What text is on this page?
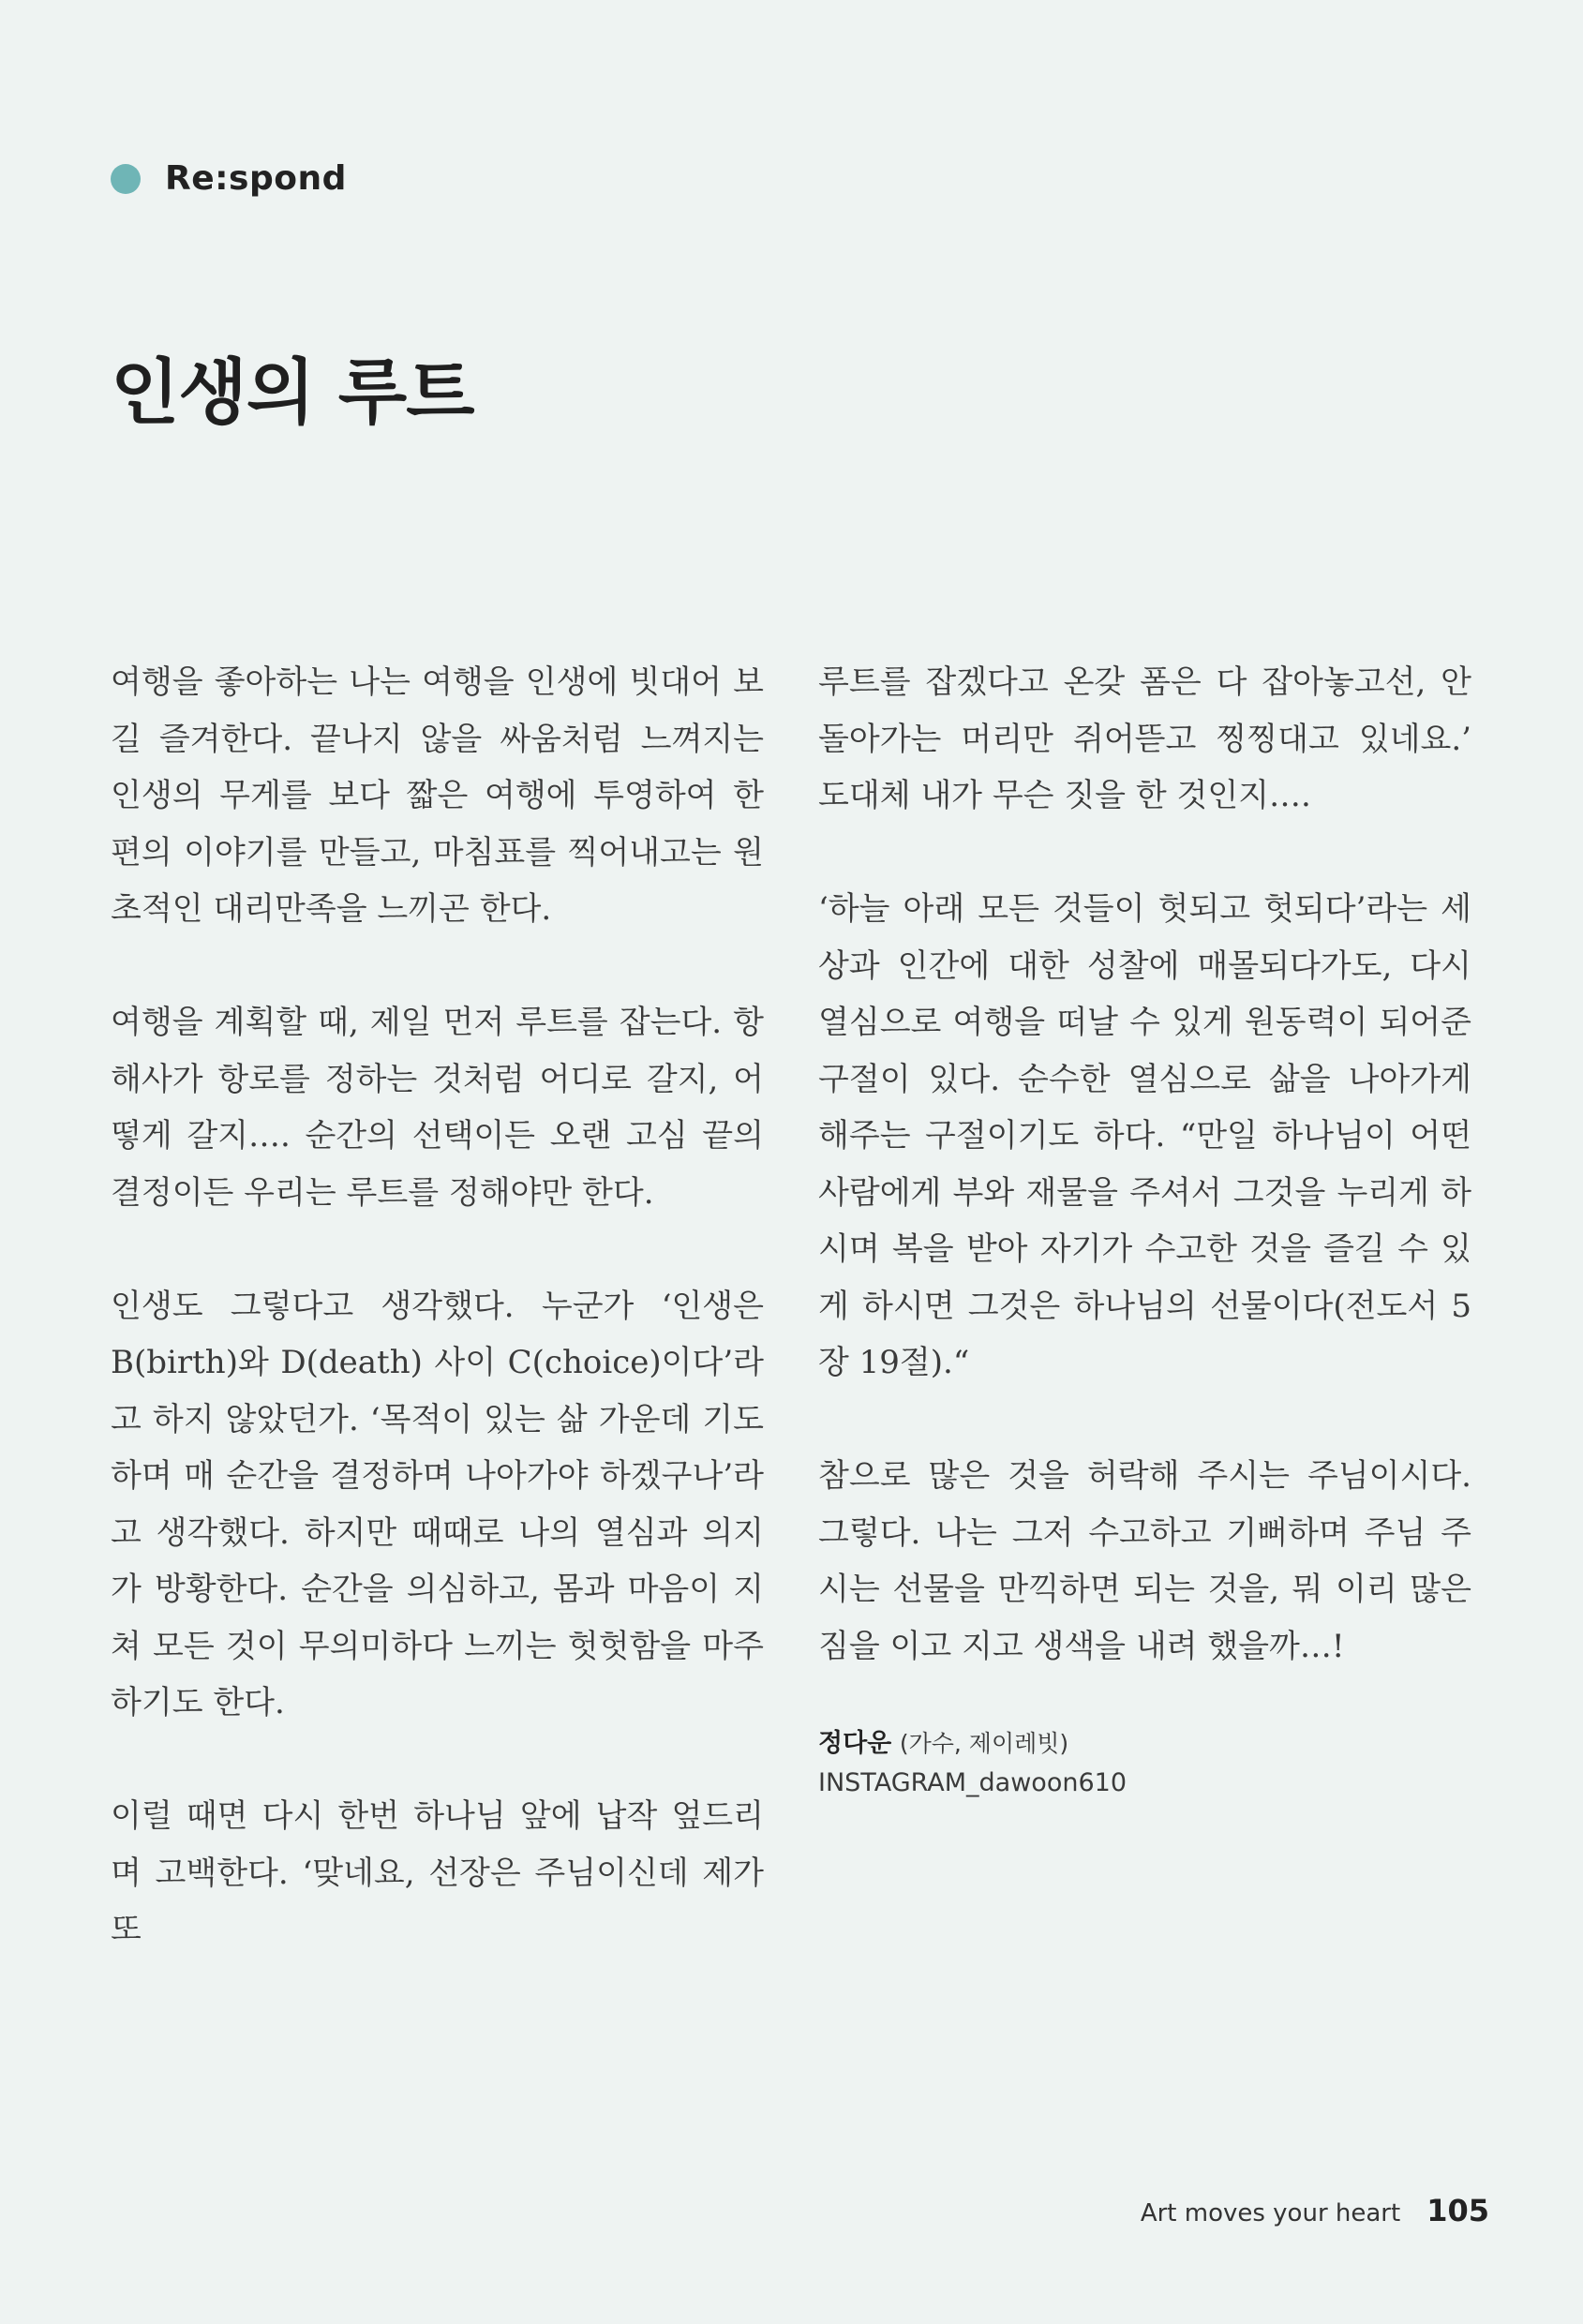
Re:spond
인생의 루트

여행을 좋아하는 나는 여행을 인생에 빗대어 보길 즐겨한다. 끝나지 않을 싸움처럼 느껴지는 인생의 무게를 보다 짧은 여행에 투영하여 한 편의 이야기를 만들고, 마침표를 찍어내고는 원초적인 대리만족을 느끼곤 한다.

여행을 계획할 때, 제일 먼저 루트를 잡는다. 항해사가 항로를 정하는 것처럼 어디로 갈지, 어떻게 갈지…. 순간의 선택이든 오랜 고심 끝의 결정이든 우리는 루트를 정해야만 한다.

인생도 그렇다고 생각했다. 누군가 ‘인생은 B(birth)와 D(death) 사이 C(choice)이다’라고 하지 않았던가. ‘목적이 있는 삶 가운데 기도하며 매 순간을 결정하며 나아가야 하겠구나’라고 생각했다. 하지만 때때로 나의 열심과 의지가 방황한다. 순간을 의심하고, 몸과 마음이 지쳐 모든 것이 무의미하다 느끼는 헛헛함을 마주하기도 한다.

이럴 때면 다시 한번 하나님 앞에 납작 엎드리며 고백한다. ‘맞네요, 선장은 주님이신데 제가 또

루트를 잡겠다고 온갖 폼은 다 잡아놓고선, 안 돌아가는 머리만 쥐어뜯고 찡찡대고 있네요.’ 도대체 내가 무슨 짓을 한 것인지….

‘하늘 아래 모든 것들이 헛되고 헛되다’라는 세상과 인간에 대한 성찰에 매몰되다가도, 다시 열심으로 여행을 떠날 수 있게 원동력이 되어준 구절이 있다. 순수한 열심으로 삶을 나아가게 해주는 구절이기도 하다. “만일 하나님이 어떤 사람에게 부와 재물을 주셔서 그것을 누리게 하시며 복을 받아 자기가 수고한 것을 즐길 수 있게 하시면 그것은 하나님의 선물이다(전도서 5장 19절).“

참으로 많은 것을 허락해 주시는 주님이시다. 그렇다. 나는 그저 수고하고 기뻐하며 주님 주시는 선물을 만끽하면 되는 것을, 뭐 이리 많은 짐을 이고 지고 생색을 내려 했을까…!

정다운 (가수, 제이레빗)
INSTAGRAM_dawoon610
Art moves your heart 105
